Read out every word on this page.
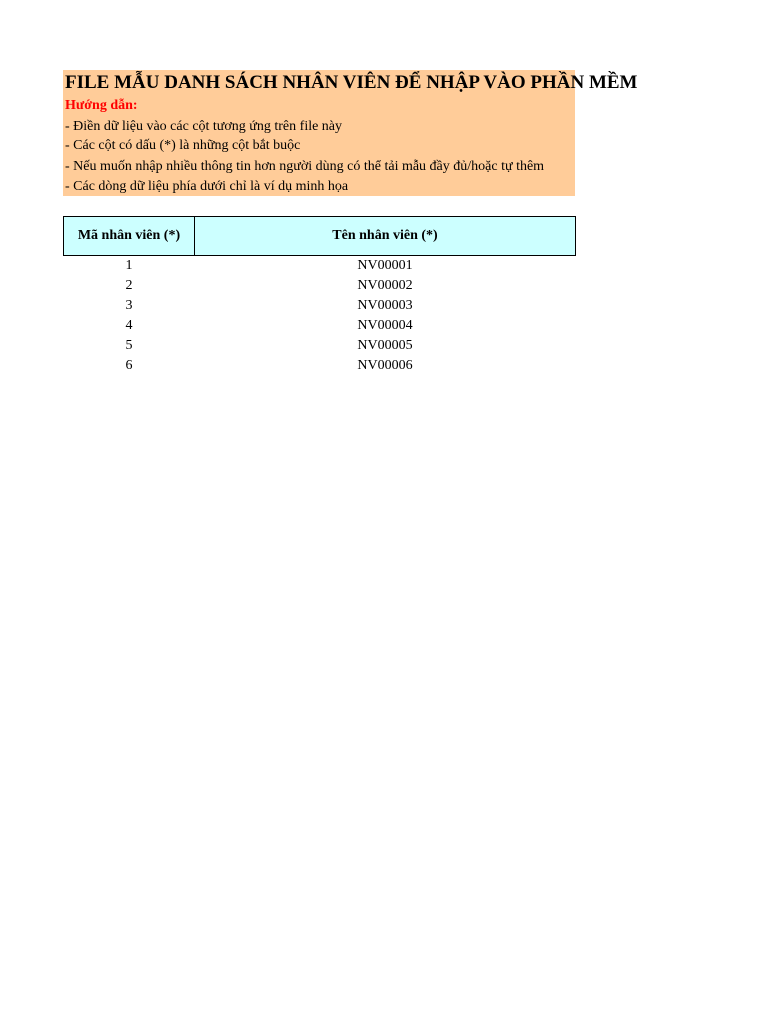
FILE MẪU DANH SÁCH NHÂN VIÊN ĐỂ NHẬP VÀO PHẦN MỀM
Hướng dẫn:
- Điền dữ liệu vào các cột tương ứng trên file này
- Các cột có dấu (*) là những cột bắt buộc
- Nếu muốn nhập nhiều thông tin hơn người dùng có thể tải mẫu đầy đủ/hoặc tự thêm
- Các dòng dữ liệu phía dưới chỉ là ví dụ minh họa
Mã nhân viên (*)	Tên nhân viên (*)
1	NV00001
2	NV00002
3	NV00003
4	NV00004
5	NV00005
6	NV00006
